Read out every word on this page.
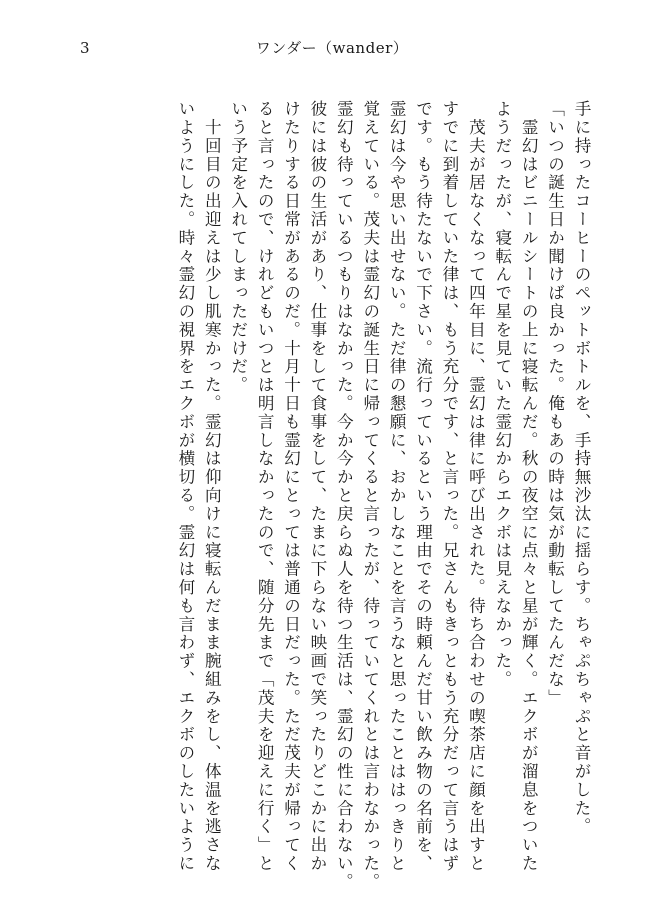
3	ワンダー（wander）
手に持ったコーヒーのペットボトルを、手持無沙汰に揺らす。ちゃぷちゃぷと音がした。
「いつの誕生日か聞けば良かった。俺もあの時は気が動転してたんだな」
　霊幻はビニールシートの上に寝転んだ。秋の夜空に点々と星が輝く。エクボが溜息をついた
ようだったが、寝転んで星を見ていた霊幻からエクボは見えなかった。
　茂夫が居なくなって四年目に、霊幻は律に呼び出された。待ち合わせの喫茶店に顔を出すと
すでに到着していた律は、もう充分です、と言った。兄さんもきっともう充分だって言うはず
です。もう待たないで下さい。流行っているという理由でその時頼んだ甘い飲み物の名前を、
霊幻は今や思い出せない。ただ律の懇願に、おかしなことを言うなと思ったことははっきりと
覚えている。茂夫は霊幻の誕生日に帰ってくると言ったが、待っていてくれとは言わなかった。
霊幻も待っているつもりはなかった。今か今かと戻らぬ人を待つ生活は、霊幻の性に合わない。
彼には彼の生活があり、仕事をして食事をして、たまに下らない映画で笑ったりどこかに出か
けたりする日常があるのだ。十月十日も霊幻にとっては普通の日だった。ただ茂夫が帰ってく
ると言ったので、けれどもいつとは明言しなかったので、随分先まで「茂夫を迎えに行く」と
いう予定を入れてしまっただけだ。
　十回目の出迎えは少し肌寒かった。霊幻は仰向けに寝転んだまま腕組みをし、体温を逃さな
いようにした。時々霊幻の視界をエクボが横切る。霊幻は何も言わず、エクボのしたいように
